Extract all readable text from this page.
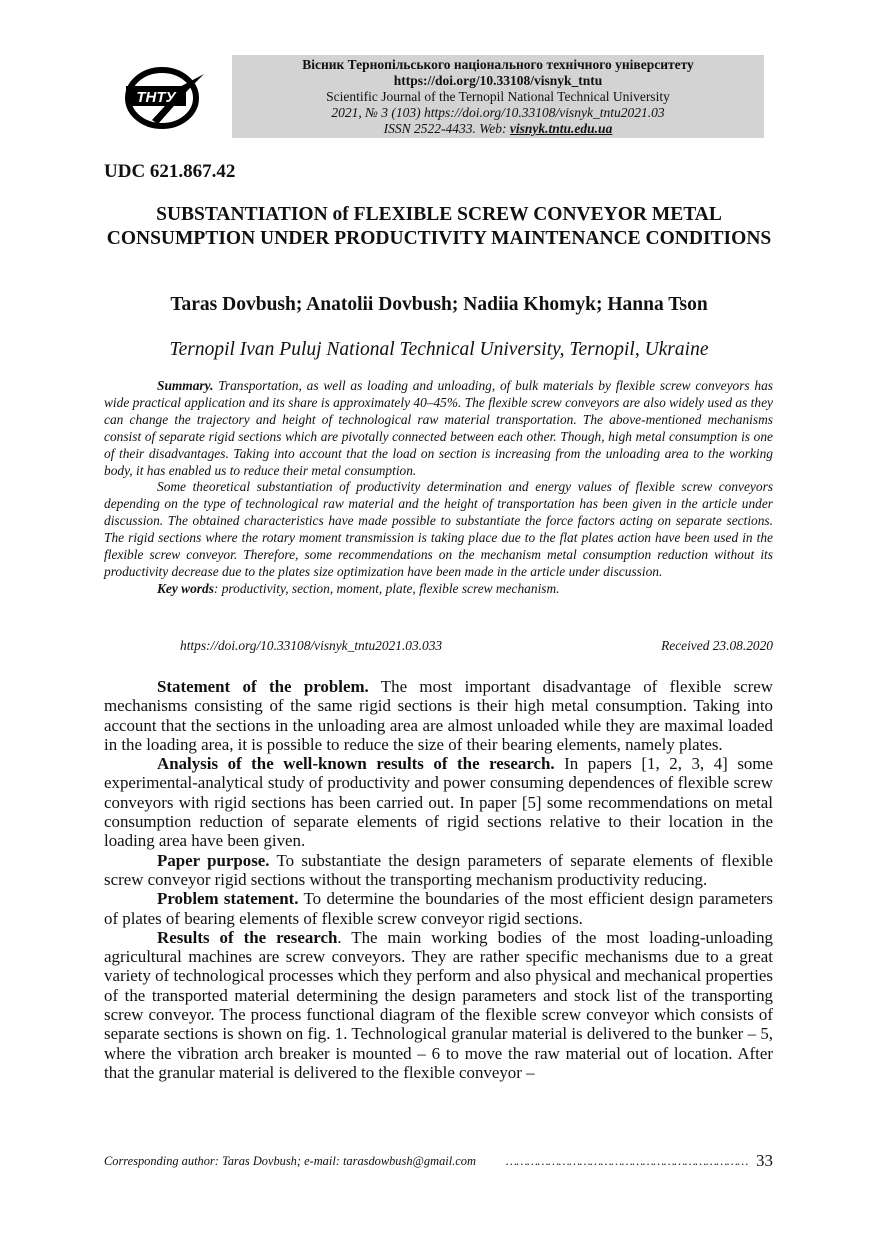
ТНТУ
Вісник Тернопільського національного технічного університету
https://doi.org/10.33108/visnyk_tntu
Scientific Journal of the Ternopil National Technical University
2021, № 3 (103) https://doi.org/10.33108/visnyk_tntu2021.03
ISSN 2522-4433. Web: visnyk.tntu.edu.ua
UDC 621.867.42
SUBSTANTIATION of FLEXIBLE SCREW CONVEYOR METAL CONSUMPTION UNDER PRODUCTIVITY MAINTENANCE CONDITIONS
Taras Dovbush; Anatolii Dovbush; Nadiia Khomyk; Hanna Tson
Ternopil Ivan Puluj National Technical University, Ternopil, Ukraine

Summary. Transportation, as well as loading and unloading, of bulk materials by flexible screw conveyors has wide practical application and its share is approximately 40–45%. The flexible screw conveyors are also widely used as they can change the trajectory and height of technological raw material transportation. The above-mentioned mechanisms consist of separate rigid sections which are pivotally connected between each other. Though, high metal consumption is one of their disadvantages. Taking into account that the load on section is increasing from the unloading area to the working body, it has enabled us to reduce their metal consumption.

Some theoretical substantiation of productivity determination and energy values of flexible screw conveyors depending on the type of technological raw material and the height of transportation has been given in the article under discussion. The obtained characteristics have made possible to substantiate the force factors acting on separate sections. The rigid sections where the rotary moment transmission is taking place due to the flat plates action have been used in the flexible screw conveyor. Therefore, some recommendations on the mechanism metal consumption reduction without its productivity decrease due to the plates size optimization have been made in the article under discussion.

Key words: productivity, section, moment, plate, flexible screw mechanism.

https://doi.org/10.33108/visnyk_tntu2021.03.033	Received 23.08.2020

Statement of the problem. The most important disadvantage of flexible screw mechanisms consisting of the same rigid sections is their high metal consumption. Taking into account that the sections in the unloading area are almost unloaded while they are maximal loaded in the loading area, it is possible to reduce the size of their bearing elements, namely plates.

Analysis of the well-known results of the research. In papers [1, 2, 3, 4] some experimental-analytical study of productivity and power consuming dependences of flexible screw conveyors with rigid sections has been carried out. In paper [5] some recommendations on metal consumption reduction of separate elements of rigid sections relative to their location in the loading area have been given.

Paper purpose. To substantiate the design parameters of separate elements of flexible screw conveyor rigid sections without the transporting mechanism productivity reducing.

Problem statement. To determine the boundaries of the most efficient design parameters of plates of bearing elements of flexible screw conveyor rigid sections.

Results of the research. The main working bodies of the most loading-unloading agricultural machines are screw conveyors. They are rather specific mechanisms due to a great variety of technological processes which they perform and also physical and mechanical properties of the transported material determining the design parameters and stock list of the transporting screw conveyor. The process functional diagram of the flexible screw conveyor which consists of separate sections is shown on fig. 1. Technological granular material is delivered to the bunker – 5, where the vibration arch breaker is mounted – 6 to move the raw material out of location. After that the granular material is delivered to the flexible conveyor –

Corresponding author: Taras Dovbush; e-mail: tarasdowbush@gmail.com …………………………………………………………… 33
